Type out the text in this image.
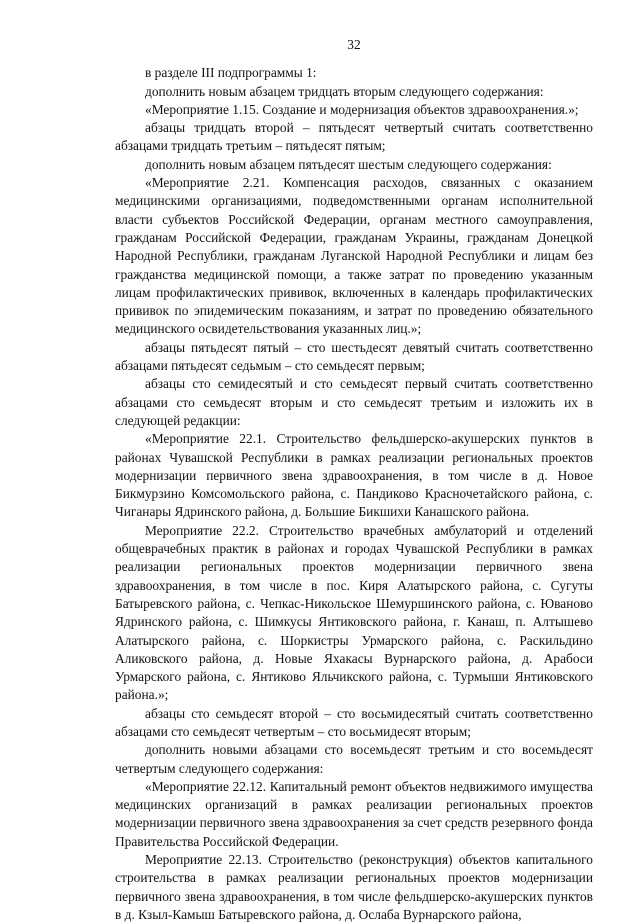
32

в разделе III подпрограммы 1:

дополнить новым абзацем тридцать вторым следующего содержания:

«Мероприятие 1.15. Создание и модернизация объектов здравоохранения.»;

абзацы тридцать второй – пятьдесят четвертый считать соответственно абзацами тридцать третьим – пятьдесят пятым;

дополнить новым абзацем пятьдесят шестым следующего содержания:

«Мероприятие 2.21. Компенсация расходов, связанных с оказанием медицинскими организациями, подведомственными органам исполнительной власти субъектов Российской Федерации, органам местного самоуправления, гражданам Российской Федерации, гражданам Украины, гражданам Донецкой Народной Республики, гражданам Луганской Народной Республики и лицам без гражданства медицинской помощи, а также затрат по проведению указанным лицам профилактических прививок, включенных в календарь профилактических прививок по эпидемическим показаниям, и затрат по проведению обязательного медицинского освидетельствования указанных лиц.»;

абзацы пятьдесят пятый – сто шестьдесят девятый считать соответственно абзацами пятьдесят седьмым – сто семьдесят первым;

абзацы сто семидесятый и сто семьдесят первый считать соответственно абзацами сто семьдесят вторым и сто семьдесят третьим и изложить их в следующей редакции:

«Мероприятие 22.1. Строительство фельдшерско-акушерских пунктов в районах Чувашской Республики в рамках реализации региональных проектов модернизации первичного звена здравоохранения, в том числе в д. Новое Бикмурзино Комсомольского района, с. Пандиково Красночетайского района, с. Чиганары Ядринского района, д. Большие Бикшихи Канашского района.

Мероприятие 22.2. Строительство врачебных амбулаторий и отделений общеврачебных практик в районах и городах Чувашской Республики в рамках реализации региональных проектов модернизации первичного звена здравоохранения, в том числе в пос. Киря Алатырского района, с. Сугуты Батыревского района, с. Чепкас-Никольское Шемуршинского района, с. Юваново Ядринского района, с. Шимкусы Янтиковского района, г. Канаш, п. Алтышево Алатырского района, с. Шоркистры Урмарского района, с. Раскильдино Аликовского района, д. Новые Яхакасы Вурнарского района, д. Арабоси Урмарского района, с. Янтиково Яльчикского района, с. Турмыши Янтиковского района.»;

абзацы сто семьдесят второй – сто восьмидесятый считать соответственно абзацами сто семьдесят четвертым – сто восьмидесят вторым;

дополнить новыми абзацами сто восемьдесят третьим и сто восемьдесят четвертым следующего содержания:

«Мероприятие 22.12. Капитальный ремонт объектов недвижимого имущества медицинских организаций в рамках реализации региональных проектов модернизации первичного звена здравоохранения за счет средств резервного фонда Правительства Российской Федерации.

Мероприятие 22.13. Строительство (реконструкция) объектов капитального строительства в рамках реализации региональных проектов модернизации первичного звена здравоохранения, в том числе фельдшерско-акушерских пунктов в д. Кзыл-Камыш Батыревского района, д. Ослаба Вурнарского района,
